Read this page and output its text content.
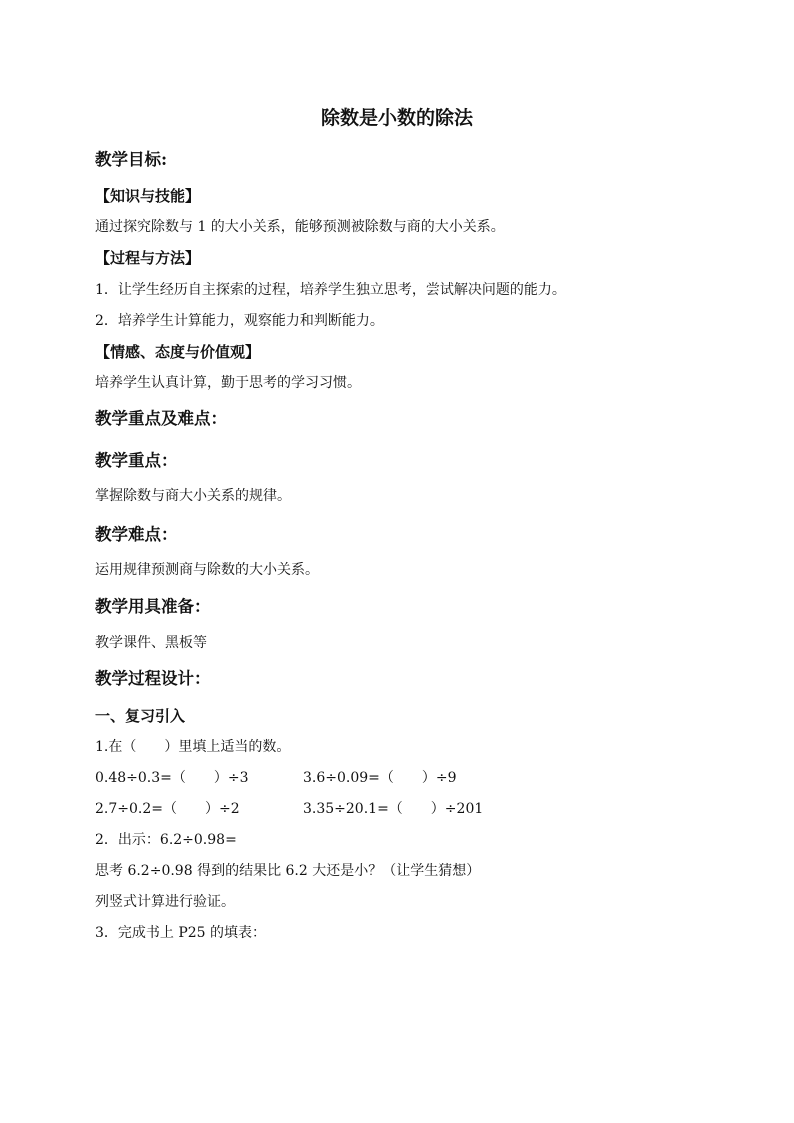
除数是小数的除法
教学目标:
【知识与技能】
通过探究除数与 1 的大小关系，能够预测被除数与商的大小关系。
【过程与方法】
1．让学生经历自主探索的过程，培养学生独立思考，尝试解决问题的能力。
2．培养学生计算能力，观察能力和判断能力。
【情感、态度与价值观】
培养学生认真计算，勤于思考的学习习惯。
教学重点及难点：
教学重点：
掌握除数与商大小关系的规律。
教学难点：
运用规律预测商与除数的大小关系。
教学用具准备：
教学课件、黑板等
教学过程设计：
一、复习引入
1.在（　　）里填上适当的数。
0.48÷0.3=（　　）÷3	3.6÷0.09=（　　）÷9
2.7÷0.2=（　　）÷2	3.35÷20.1=（　　）÷201
2．出示：6.2÷0.98=
思考 6.2÷0.98 得到的结果比 6.2 大还是小？（让学生猜想）
列竖式计算进行验证。
3．完成书上 P25 的填表：
